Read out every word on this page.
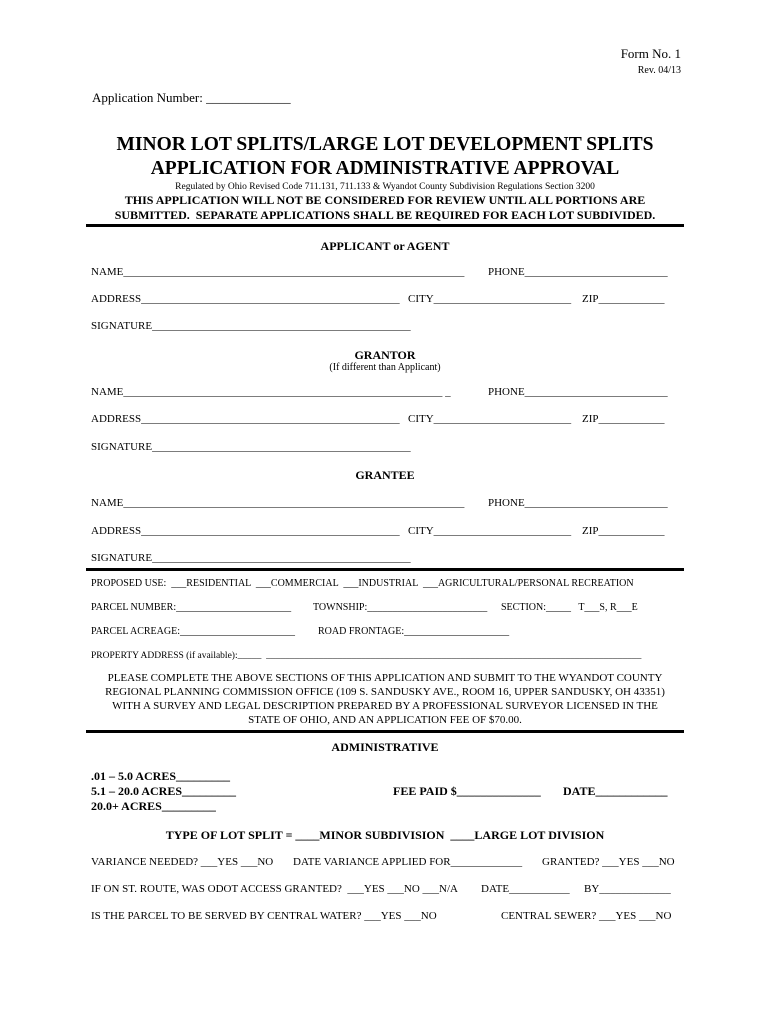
Form No. 1
Rev. 04/13
Application Number: _____________
MINOR LOT SPLITS/LARGE LOT DEVELOPMENT SPLITS
APPLICATION FOR ADMINISTRATIVE APPROVAL
Regulated by Ohio Revised Code 711.131, 711.133 & Wyandot County Subdivision Regulations Section 3200
THIS APPLICATION WILL NOT BE CONSIDERED FOR REVIEW UNTIL ALL PORTIONS ARE
SUBMITTED.  SEPARATE APPLICATIONS SHALL BE REQUIRED FOR EACH LOT SUBDIVIDED.
APPLICANT or AGENT
NAME______________________________________________________________ PHONE__________________________
ADDRESS_______________________________________________ CITY_________________________ ZIP____________
SIGNATURE_______________________________________________
GRANTOR
(If different than Applicant)
NAME__________________________________________________________ _	PHONE__________________________
ADDRESS_______________________________________________ CITY_________________________ ZIP____________
SIGNATURE_______________________________________________
GRANTEE
NAME______________________________________________________________ PHONE__________________________
ADDRESS_______________________________________________ CITY_________________________ ZIP____________
SIGNATURE_______________________________________________
PROPOSED USE:  ___RESIDENTIAL  ___COMMERCIAL  ___INDUSTRIAL  ___AGRICULTURAL/PERSONAL RECREATION
PARCEL NUMBER:_______________________ TOWNSHIP:________________________ SECTION:_____   T___S, R___E
PARCEL ACREAGE:_______________________ ROAD FRONTAGE:_____________________
PROPERTY ADDRESS (if available):_____  _______________________________________________________________________________
PLEASE COMPLETE THE ABOVE SECTIONS OF THIS APPLICATION AND SUBMIT TO THE WYANDOT COUNTY
REGIONAL PLANNING COMMISSION OFFICE (109 S. SANDUSKY AVE., ROOM 16, UPPER SANDUSKY, OH 43351)
WITH A SURVEY AND LEGAL DESCRIPTION PREPARED BY A PROFESSIONAL SURVEYOR LICENSED IN THE
STATE OF OHIO, AND AN APPLICATION FEE OF $70.00.
ADMINISTRATIVE
.01 – 5.0 ACRES_________
5.1 – 20.0 ACRES_________
20.0+ ACRES_________
FEE PAID $______________ DATE____________
TYPE OF LOT SPLIT = ____MINOR SUBDIVISION  ____LARGE LOT DIVISION
VARIANCE NEEDED? ___YES ___NO DATE VARIANCE APPLIED FOR_____________ GRANTED? ___YES ___NO
IF ON ST. ROUTE, WAS ODOT ACCESS GRANTED?  ___YES ___NO ___N/A DATE___________ BY_____________
IS THE PARCEL TO BE SERVED BY CENTRAL WATER? ___YES ___NO	CENTRAL SEWER? ___YES ___NO
